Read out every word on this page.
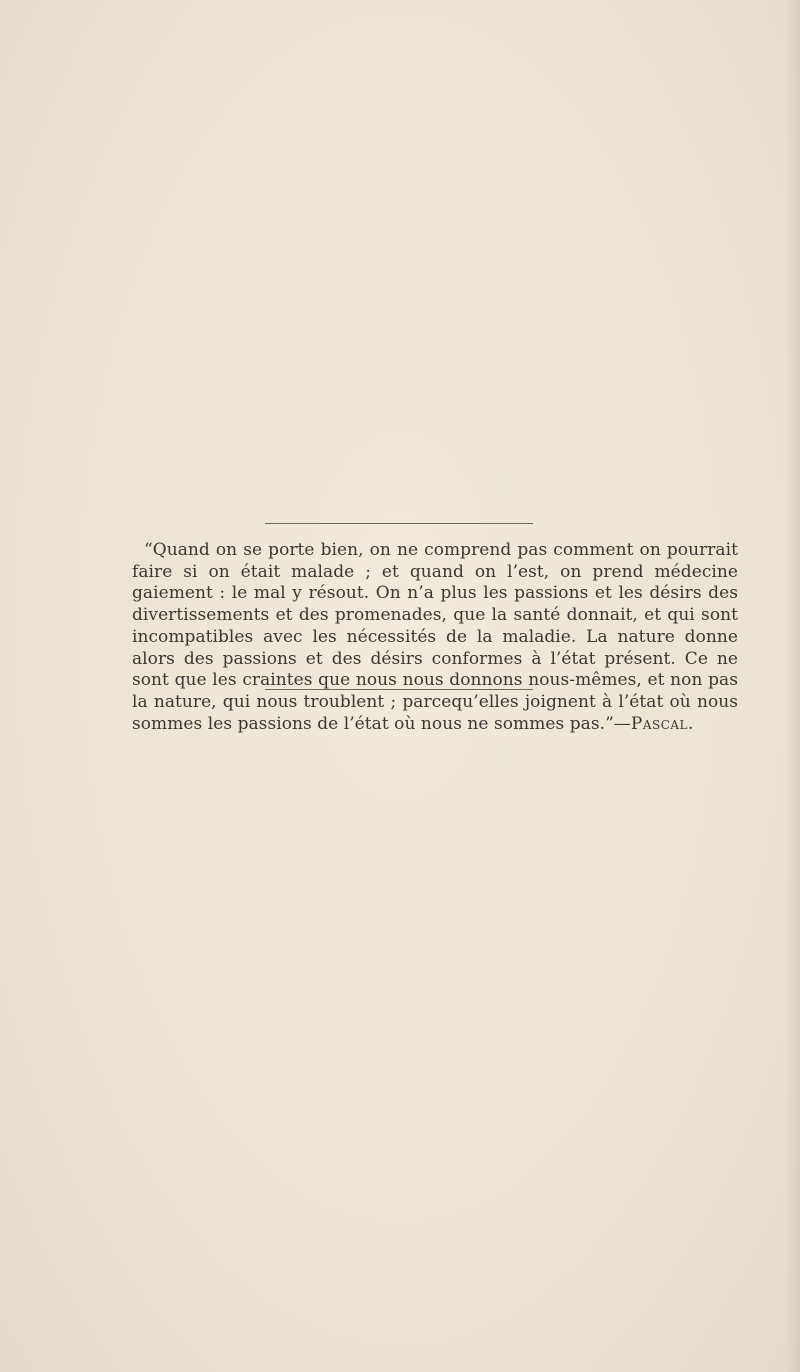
“Quand on se porte bien, on ne comprend pas comment on pourrait faire si on était malade ; et quand on l’est, on prend médecine gaiement : le mal y résout. On n’a plus les passions et les désirs des divertissements et des promenades, que la santé donnait, et qui sont incompatibles avec les nécessités de la maladie. La nature donne alors des passions et des désirs conformes à l’état présent. Ce ne sont que les craintes que nous nous donnons nous-mêmes, et non pas la nature, qui nous troublent ; parcequ’elles joignent à l’état où nous sommes les passions de l’état où nous ne sommes pas.”—Pascal.
